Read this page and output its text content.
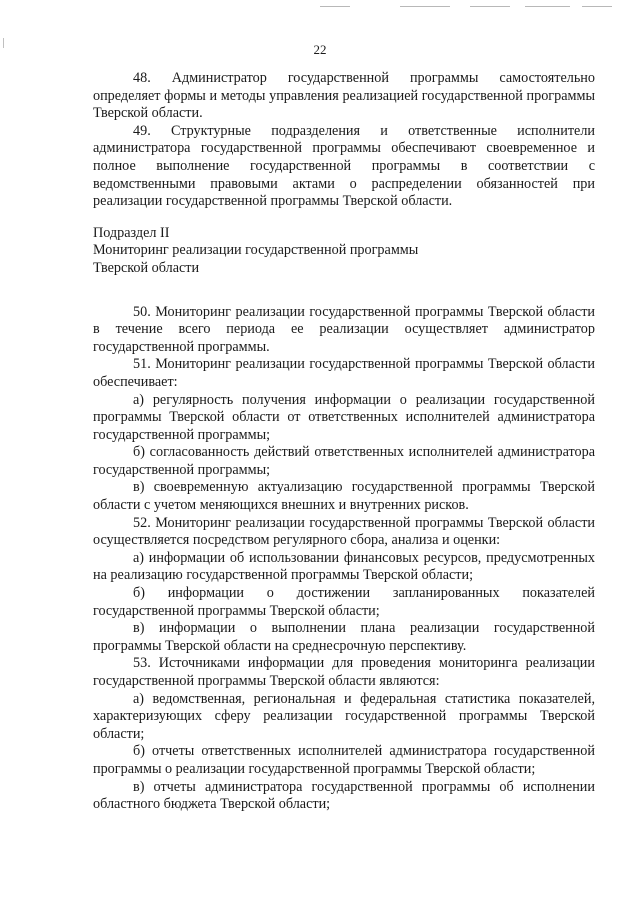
22

48. Администратор государственной программы самостоятельно определяет формы и методы управления реализацией государственной программы Тверской области.

49. Структурные подразделения и ответственные исполнители администратора государственной программы обеспечивают своевременное и полное выполнение государственной программы в соответствии с ведомственными правовыми актами о распределении обязанностей при реализации государственной программы Тверской области.

Подраздел II

Мониторинг реализации государственной программы

Тверской области

50. Мониторинг реализации государственной программы Тверской области в течение всего периода ее реализации осуществляет администратор государственной программы.

51. Мониторинг реализации государственной программы Тверской области обеспечивает:

а) регулярность получения информации о реализации государственной программы Тверской области от ответственных исполнителей администратора государственной программы;

б) согласованность действий ответственных исполнителей администратора государственной программы;

в) своевременную актуализацию государственной программы Тверской области с учетом меняющихся внешних и внутренних рисков.

52. Мониторинг реализации государственной программы Тверской области осуществляется посредством регулярного сбора, анализа и оценки:

а) информации об использовании финансовых ресурсов, предусмотренных на реализацию государственной программы Тверской области;

б) информации о достижении запланированных показателей государственной программы Тверской области;

в) информации о выполнении плана реализации государственной программы Тверской области на среднесрочную перспективу.

53. Источниками информации для проведения мониторинга реализации государственной программы Тверской области являются:

а) ведомственная, региональная и федеральная статистика показателей, характеризующих сферу реализации государственной программы Тверской области;

б) отчеты ответственных исполнителей администратора государственной программы о реализации государственной программы Тверской области;

в) отчеты администратора государственной программы об исполнении областного бюджета Тверской области;
